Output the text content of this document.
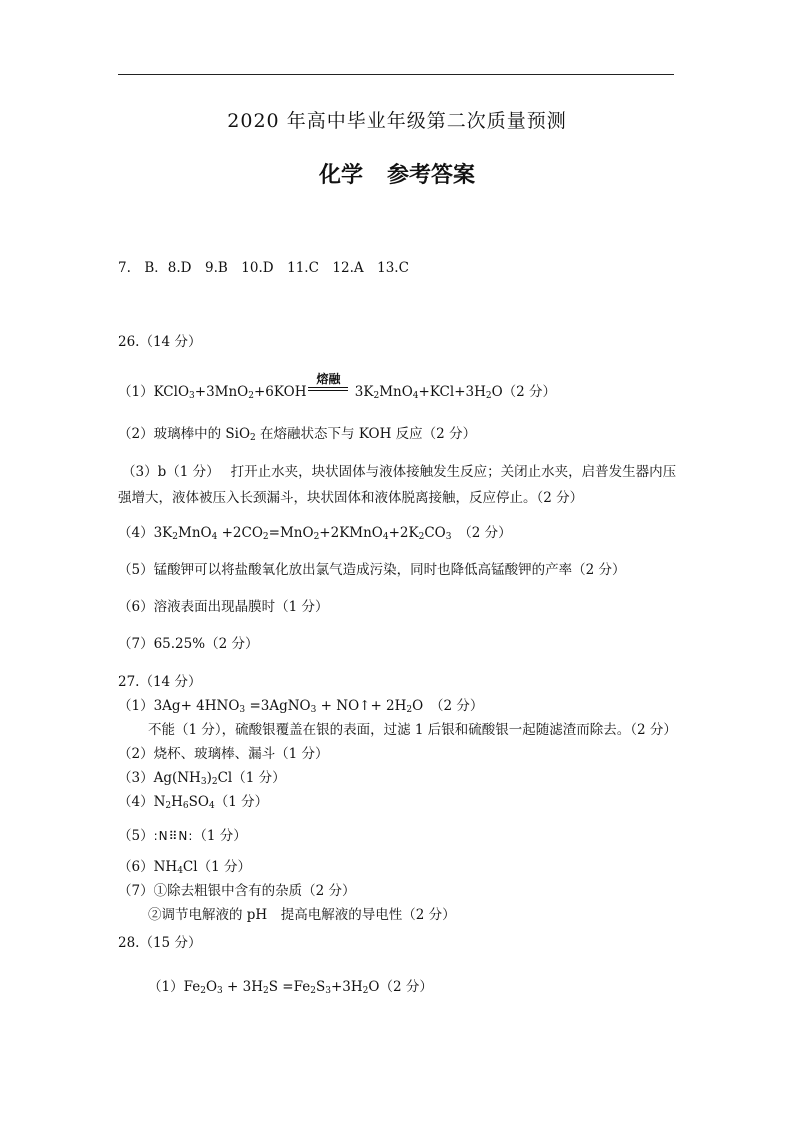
2020 年高中毕业年级第二次质量预测
化学 参考答案
7.　B．8.D　9.B　10.D　11.C　12.A　13.C
26.（14 分）
（1）KClO$_3$+3MnO$_2$+6KOH
熔融
$3K_2MnO_4+KCl+3H_2O(2$ 分）
（2）玻璃棒中的 SiO$_2$ 在熔融状态下与 KOH 反应（2 分）
（3）b（1 分）　 打开止水夹，块状固体与液体接触发生反应；关闭止水夹，启普发生器内压强增大，液体被压入长颈漏斗，块状固体和液体脱离接触，反应停止。（2 分）
$(4)3K_2MnO_4$ $+2CO_2=MnO_2+2KMnO_4+2K_2CO_3$　（2 分）
（5）锰酸钾可以将盐酸氧化放出氯气造成污染，同时也降低高锰酸钾的产率（2 分）
（6）溶液表面出现晶膜时（1 分）
（7）65.25%（2 分）
27.（14 分）
$(1)3Ag+ 4HNO_3$ =3AgNO$_3$ + NO↑+ $2H_2O$　（2 分）
不能（1 分），硫酸银覆盖在银的表面，过滤 1 后银和硫酸银一起随滤渣而除去。（2 分）
（2）烧杯、玻璃棒、漏斗（1 分）
$(3)Ag(NH_3)_2Cl(1$ 分）
$(4)N_2H_6SO_4(1$ 分）
（5）:N⠿N:（1 分）
$(6)NH_4Cl(1$ 分）
（7）①除去粗银中含有的杂质（2 分）
②调节电解液的 pH　提高电解液的导电性（2 分）
28.（15 分）
$(1)Fe_2O_3 + 3H_2S =Fe_2S_3+3H_2O(2$ 分）
